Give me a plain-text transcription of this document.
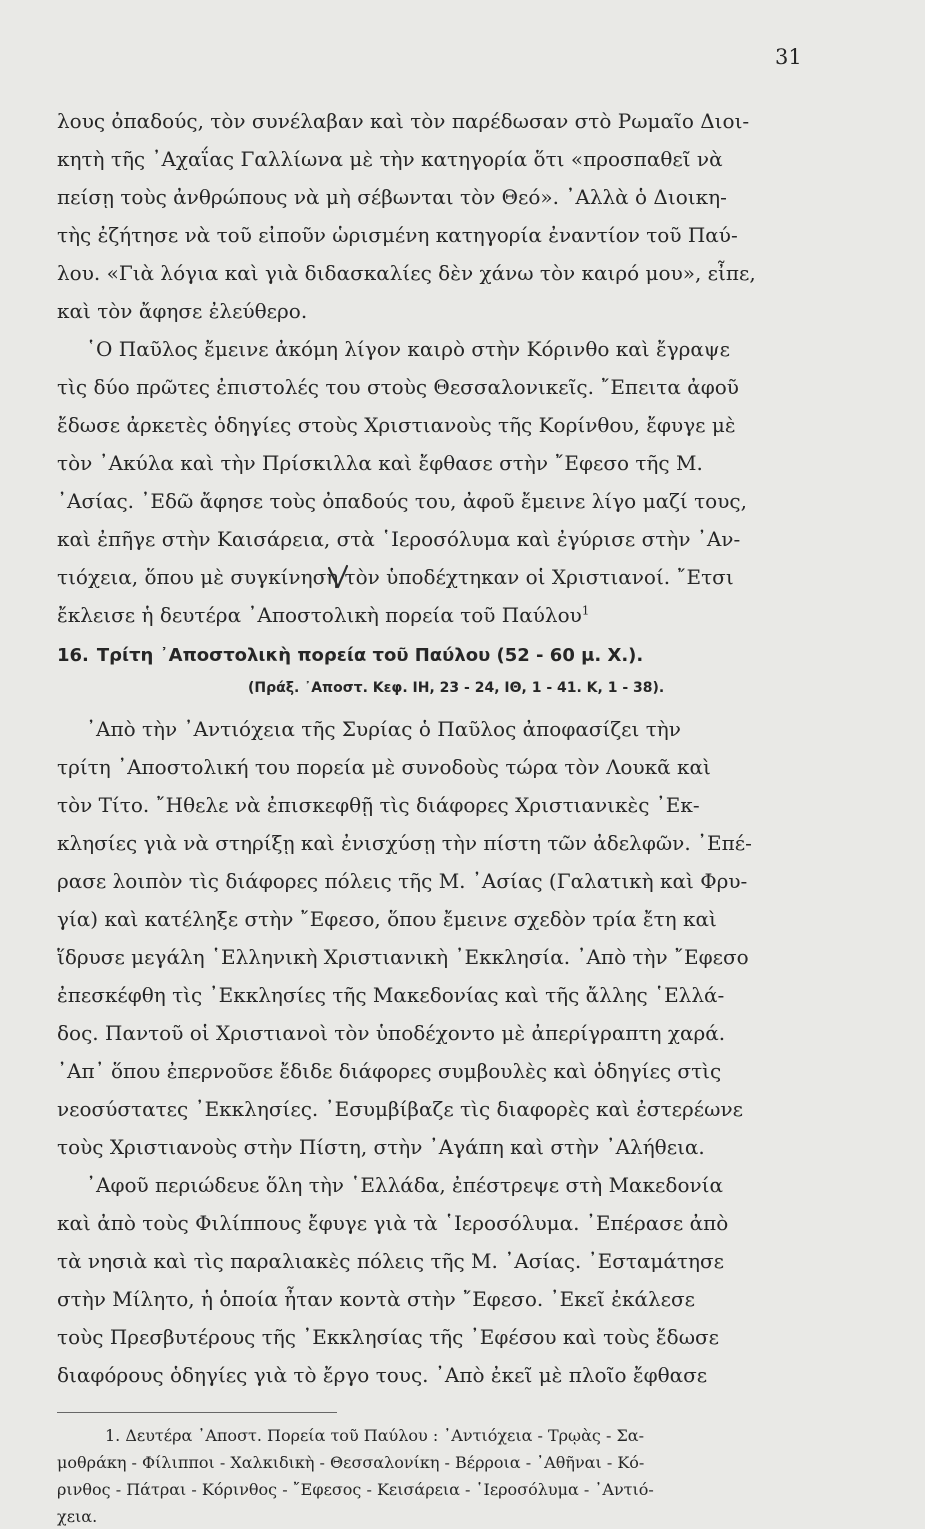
31
λους ὀπαδούς, τὸν συνέλαβαν καὶ τὸν παρέδωσαν στὸ Ρωμαῖο Διοι-
κητὴ τῆς ᾿Αχαΐας Γαλλίωνα μὲ τὴν κατηγορία ὅτι «προσπαθεῖ νὰ
πείσῃ τοὺς ἀνθρώπους νὰ μὴ σέβωνται τὸν Θεό». ᾿Αλλὰ ὁ Διοικη-
τὴς ἐζήτησε νὰ τοῦ εἰποῦν ὡρισμένη κατηγορία ἐναντίον τοῦ Παύ-
λου. «Γιὰ λόγια καὶ γιὰ διδασκαλίες δὲν χάνω τὸν καιρό μου», εἶπε,
καὶ τὸν ἄφησε ἐλεύθερο.
῾Ο Παῦλος ἔμεινε ἀκόμη λίγον καιρὸ στὴν Κόρινθο καὶ ἔγραψε
τὶς δύο πρῶτες ἐπιστολές του στοὺς Θεσσαλονικεῖς. ῎Επειτα ἀφοῦ
ἔδωσε ἀρκετὲς ὁδηγίες στοὺς Χριστιανοὺς τῆς Κορίνθου, ἔφυγε μὲ
τὸν ᾿Ακύλα καὶ τὴν Πρίσκιλλα καὶ ἔφθασε στὴν ῎Εφεσο τῆς Μ.
᾿Ασίας. ᾿Εδῶ ἄφησε τοὺς ὀπαδούς του, ἀφοῦ ἔμεινε λίγο μαζί τους,
καὶ ἐπῆγε στὴν Καισάρεια, στὰ ῾Ιεροσόλυμα καὶ ἐγύρισε στὴν ᾿Αν-
τιόχεια, ὅπου μὲ συγκίνηση τὸν ὑποδέχτηκαν οἱ Χριστιανοί. ῎Ετσι
ἔκλεισε ἡ δευτέρα ᾿Αποστολικὴ πορεία τοῦ Παύλου$^1$
16. Τρίτη ᾿Αποστολικὴ πορεία τοῦ Παύλου (52 - 60 μ. Χ.).
(Πράξ. ᾿Αποστ. Κεφ. ΙΗ, 23 - 24, ΙΘ, 1 - 41. Κ, 1 - 38).
᾿Απὸ τὴν ᾿Αντιόχεια τῆς Συρίας ὁ Παῦλος ἀποφασίζει τὴν
τρίτη ᾿Αποστολική του πορεία μὲ συνοδοὺς τώρα τὸν Λουκᾶ καὶ
τὸν Τίτο. ῎Ηθελε νὰ ἐπισκεφθῇ τὶς διάφορες Χριστιανικὲς ᾿Εκ-
κλησίες γιὰ νὰ στηρίξῃ καὶ ἐνισχύσῃ τὴν πίστη τῶν ἀδελφῶν. ᾿Επέ-
ρασε λοιπὸν τὶς διάφορες πόλεις τῆς Μ. ᾿Ασίας (Γαλατικὴ καὶ Φρυ-
γία) καὶ κατέληξε στὴν ῎Εφεσο, ὅπου ἔμεινε σχεδὸν τρία ἔτη καὶ
ἵδρυσε μεγάλη ῾Ελληνικὴ Χριστιανικὴ ᾿Εκκλησία. ᾿Απὸ τὴν ῎Εφεσο
ἐπεσκέφθη τὶς ᾿Εκκλησίες τῆς Μακεδονίας καὶ τῆς ἄλλης ῾Ελλά-
δος. Παντοῦ οἱ Χριστιανοὶ τὸν ὑποδέχοντο μὲ ἀπερίγραπτη χαρά.
᾿Απ᾿ ὅπου ἐπερνοῦσε ἔδιδε διάφορες συμβουλὲς καὶ ὁδηγίες στὶς
νεοσύστατες ᾿Εκκλησίες. ᾿Εσυμβίβαζε τὶς διαφορὲς καὶ ἐστερέωνε
τοὺς Χριστιανοὺς στὴν Πίστη, στὴν ᾿Αγάπη καὶ στὴν ᾿Αλήθεια.
᾿Αφοῦ περιώδευε ὅλη τὴν ῾Ελλάδα, ἐπέστρεψε στὴ Μακεδονία
καὶ ἀπὸ τοὺς Φιλίππους ἔφυγε γιὰ τὰ ῾Ιεροσόλυμα. ᾿Επέρασε ἀπὸ
τὰ νησιὰ καὶ τὶς παραλιακὲς πόλεις τῆς Μ. ᾿Ασίας. ᾿Εσταμάτησε
στὴν Μίλητο, ἡ ὁποία ἦταν κοντὰ στὴν ῎Εφεσο. ᾿Εκεῖ ἐκάλεσε
τοὺς Πρεσβυτέρους τῆς ᾿Εκκλησίας τῆς ᾿Εφέσου καὶ τοὺς ἔδωσε
διαφόρους ὁδηγίες γιὰ τὸ ἔργο τους. ᾿Απὸ ἐκεῖ μὲ πλοῖο ἔφθασε
1. Δευτέρα ᾿Αποστ. Πορεία τοῦ Παύλου : ᾿Αντιόχεια - Τρῳὰς - Σα-
μοθράκη - Φίλιπποι - Χαλκιδικὴ - Θεσσαλονίκη - Βέρροια - ᾿Αθῆναι - Κό-
ρινθος - Πάτραι - Κόρινθος - ῎Εφεσος - Κεισάρεια - ῾Ιεροσόλυμα - ᾿Αντιό-
χεια.
